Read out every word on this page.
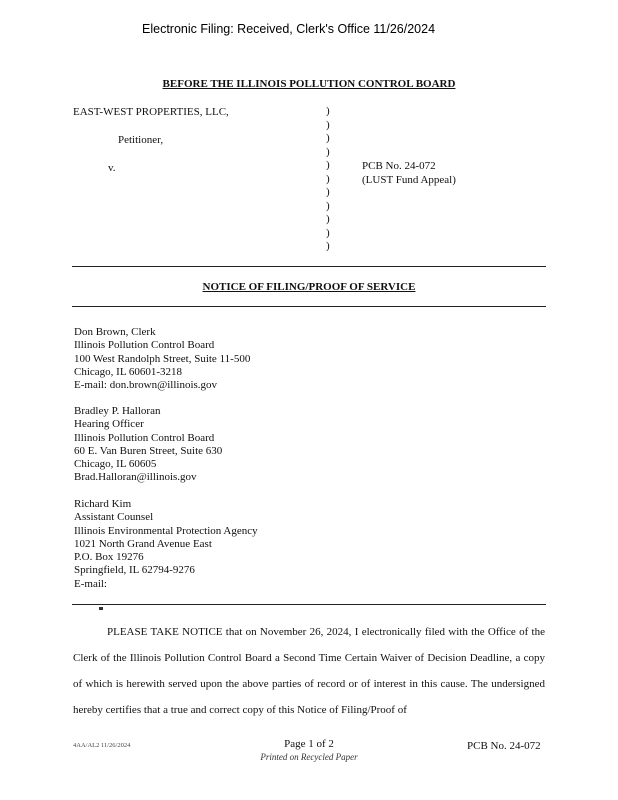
Electronic Filing: Received, Clerk's Office 11/26/2024
BEFORE THE ILLINOIS POLLUTION CONTROL BOARD
EAST-WEST PROPERTIES, LLC,
Petitioner,
v.
)
)
)
)
)
)
)
)
)
)
)
PCB No. 24-072
(LUST Fund Appeal)
NOTICE OF FILING/PROOF OF SERVICE
Don Brown, Clerk
Illinois Pollution Control Board
100 West Randolph Street, Suite 11-500
Chicago, IL 60601-3218
E-mail: don.brown@illinois.gov
Bradley P. Halloran
Hearing Officer
Illinois Pollution Control Board
60 E. Van Buren Street, Suite 630
Chicago, IL 60605
Brad.Halloran@illinois.gov
Richard Kim
Assistant Counsel
Illinois Environmental Protection Agency
1021 North Grand Avenue East
P.O. Box 19276
Springfield, IL 62794-9276
E-mail:
PLEASE TAKE NOTICE that on November 26, 2024, I electronically filed with the Office of the Clerk of the Illinois Pollution Control Board a Second Time Certain Waiver of Decision Deadline, a copy of which is herewith served upon the above parties of record or of interest in this cause. The undersigned hereby certifies that a true and correct copy of this Notice of Filing/Proof of
4AA/AL2 11/26/2024	Page 1 of 2
Printed on Recycled Paper
PCB No. 24-072
